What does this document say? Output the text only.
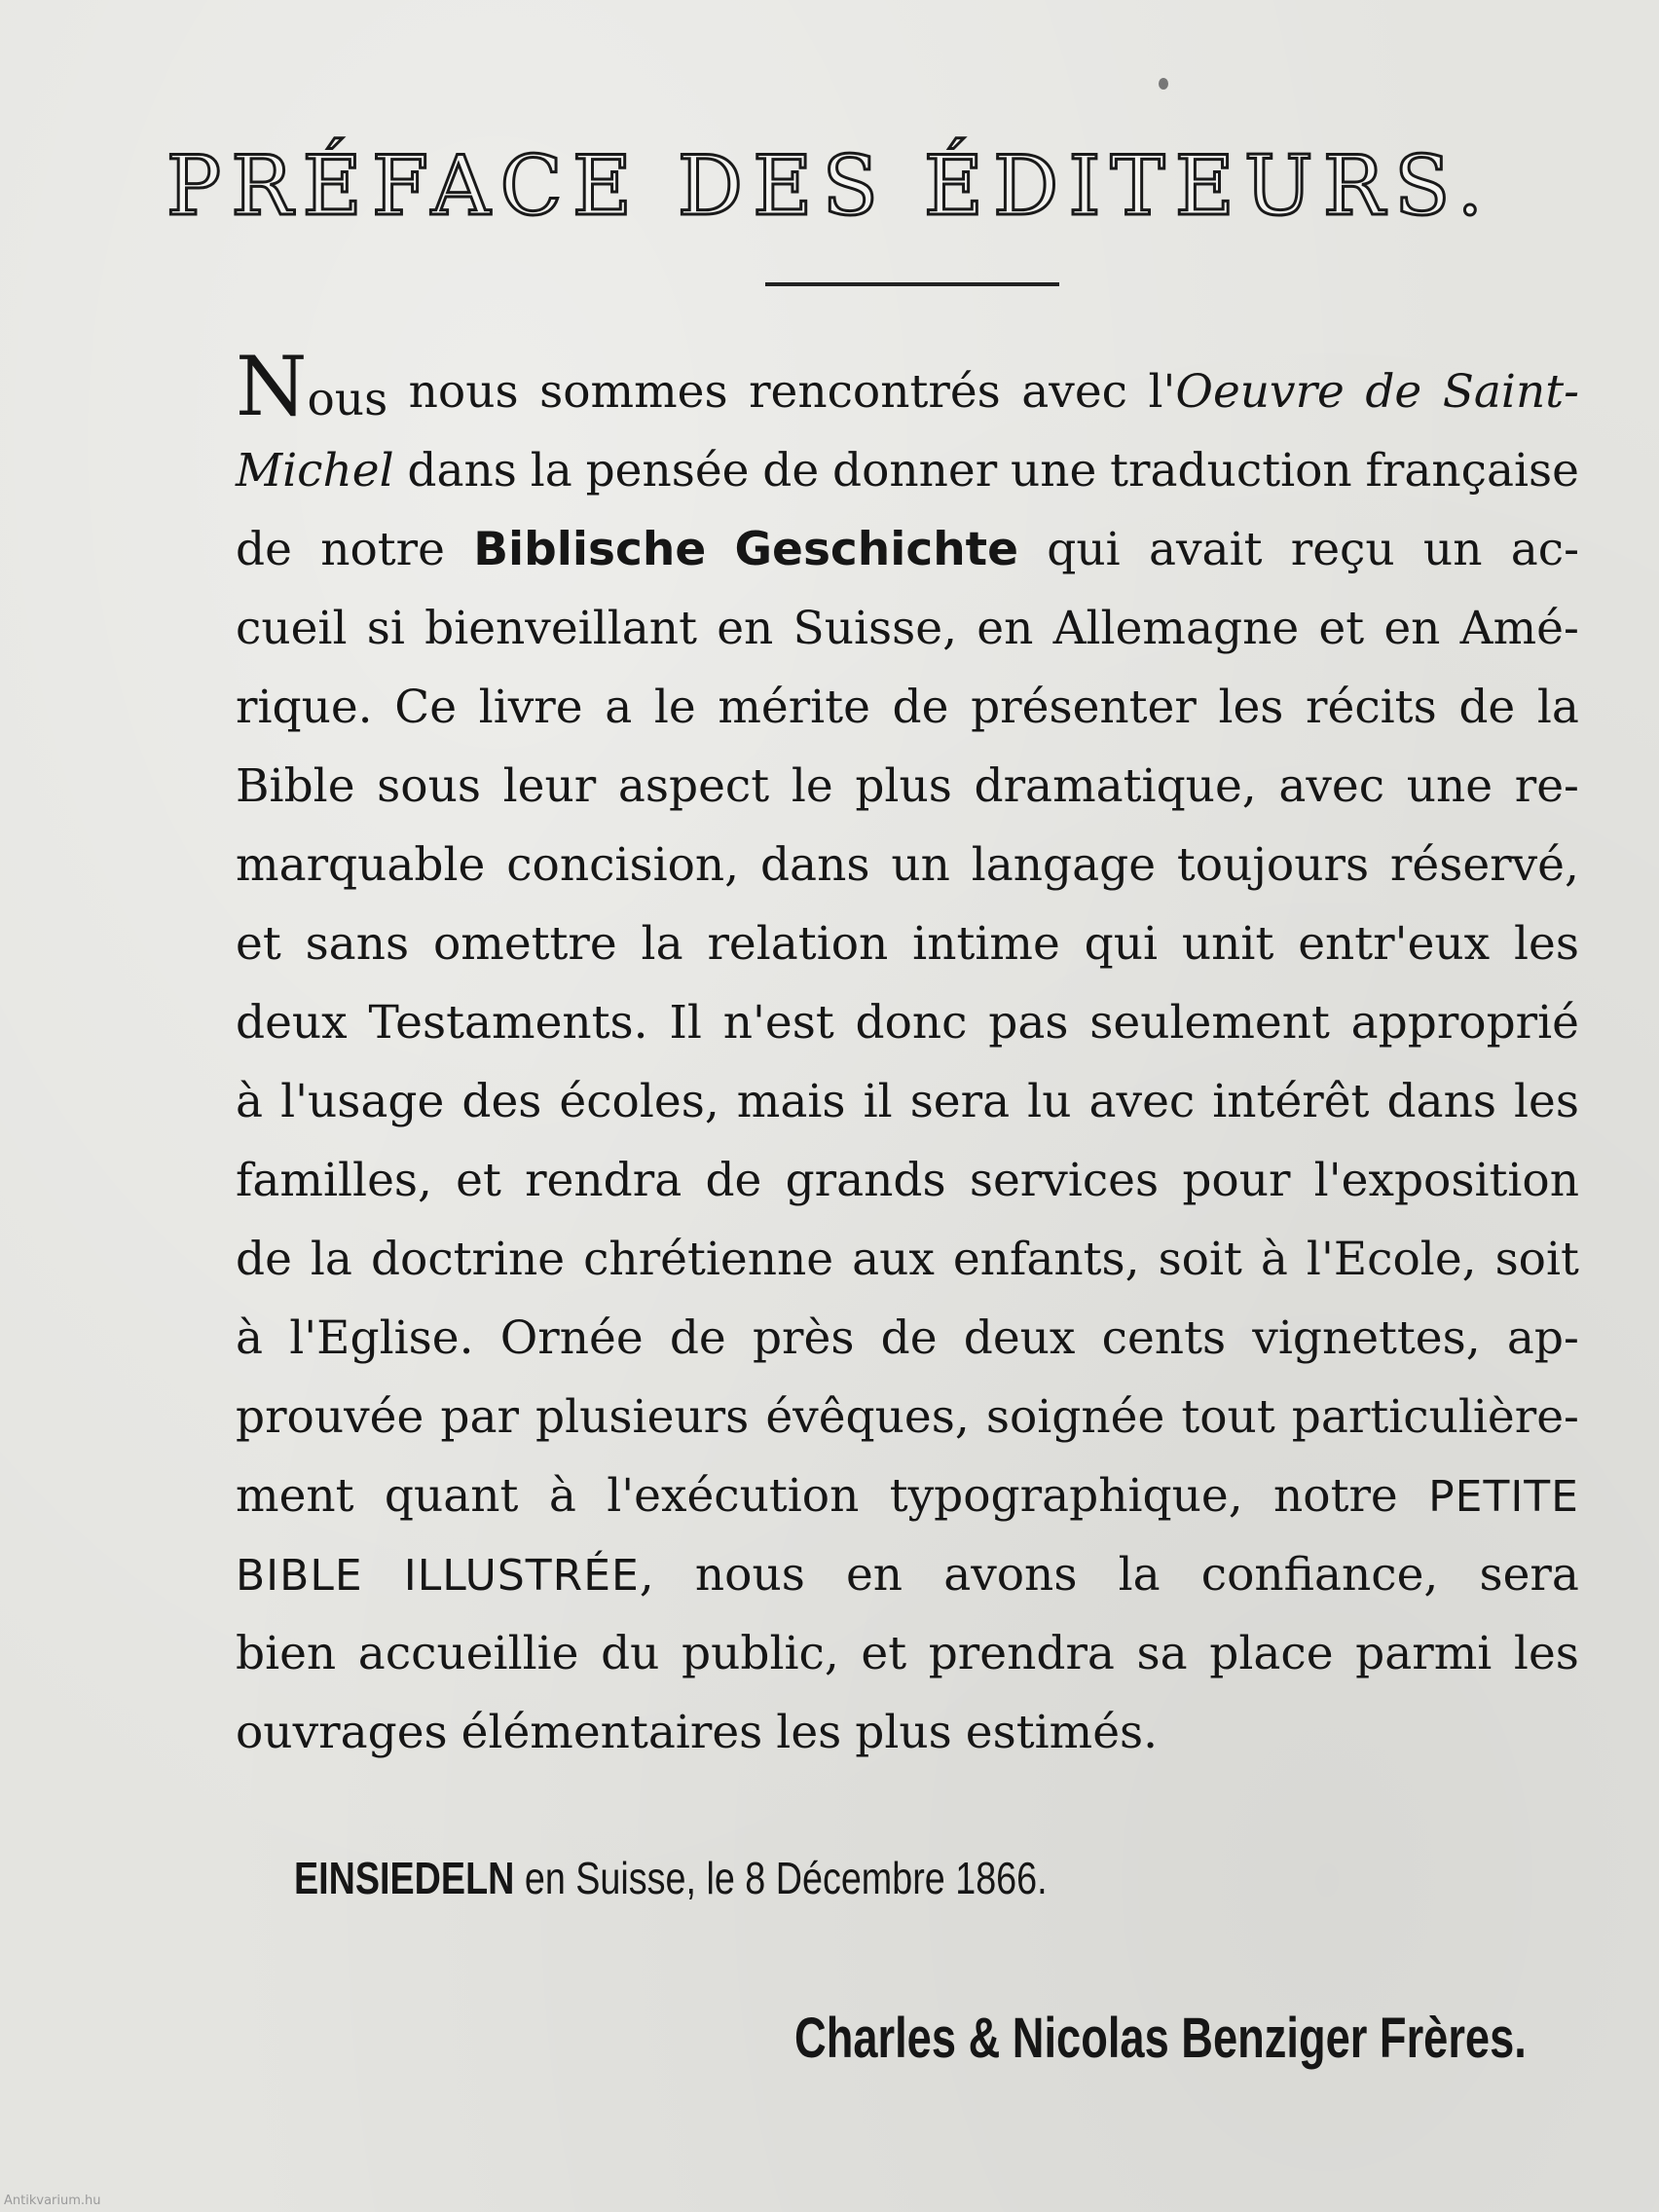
PRÉFACE DES ÉDITEURS.
Nous nous sommes rencontrés avec l'Oeuvre de Saint-
Michel dans la pensée de donner une traduction française
de notre Biblische Geschichte qui avait reçu un ac-
cueil si bienveillant en Suisse, en Allemagne et en Amé-
rique. Ce livre a le mérite de présenter les récits de la
Bible sous leur aspect le plus dramatique, avec une re-
marquable concision, dans un langage toujours réservé,
et sans omettre la relation intime qui unit entr'eux les
deux Testaments. Il n'est donc pas seulement approprié
à l'usage des écoles, mais il sera lu avec intérêt dans les
familles, et rendra de grands services pour l'exposition
de la doctrine chrétienne aux enfants, soit à l'Ecole, soit
à l'Eglise. Ornée de près de deux cents vignettes, ap-
prouvée par plusieurs évêques, soignée tout particulière-
ment quant à l'exécution typographique, notre PETITE
BIBLE ILLUSTRÉE, nous en avons la confiance, sera
bien accueillie du public, et prendra sa place parmi les
ouvrages élémentaires les plus estimés.
EINSIEDELN en Suisse, le 8 Décembre 1866.
Charles & Nicolas Benziger Frères.
Antikvarium.hu
